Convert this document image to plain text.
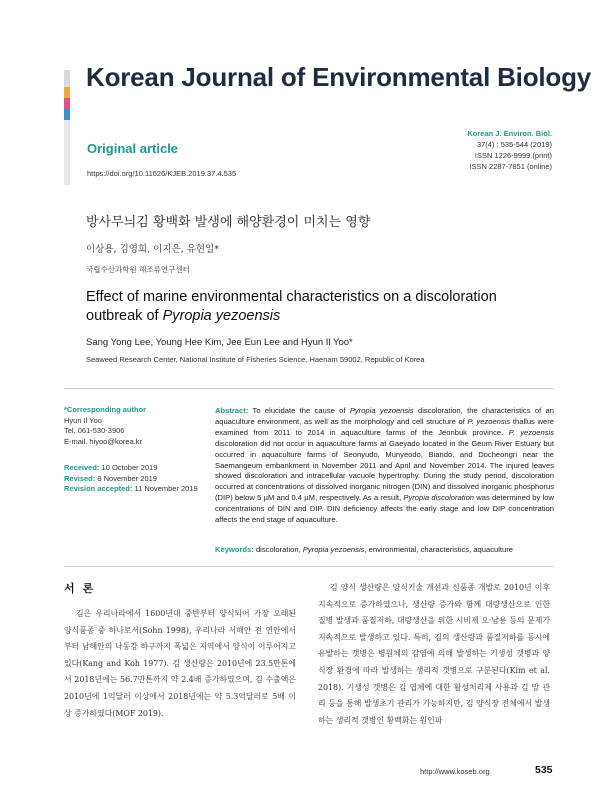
Korean Journal of Environmental Biology
Original article
https://doi.org/10.11626/KJEB.2019.37.4.535
Korean J. Environ. Biol.
37(4) : 535-544 (2019)
ISSN 1226-9999 (print)
ISSN 2287-7851 (online)
방사무늬김 황백화 발생에 해양환경이 미치는 영향
이상용, 김영희, 이지은, 유현일*
국립수산과학원 해조류연구센터
Effect of marine environmental characteristics on a discoloration outbreak of Pyropia yezoensis
Sang Yong Lee, Young Hee Kim, Jee Eun Lee and Hyun Il Yoo*
Seaweed Research Center, National Institute of Fisheries Science, Haenam 59002, Republic of Korea
*Corresponding author
Hyun Il Yoo
Tel. 061-530-3906
E-mail. hiyoo@korea.kr
Received: 10 October 2019
Revised: 8 November 2019
Revision accepted: 11 November 2019
Abstract: To elucidate the cause of Pyropia yezoensis discoloration, the characteristics of an aquaculture environment, as well as the morphology and cell structure of P. yezoensis thallus were examined from 2011 to 2014 in aquaculture farms of the Jeonbuk province. P. yezoensis discoloration did not occur in aquaculture farms at Gaeyado located in the Geum River Estuary but occurred in aquaculture farms of Seonyudo, Munyeodo, Biando, and Docheongri near the Saemangeum embankment in November 2011 and April and November 2014. The injured leaves showed discoloration and intracellular vacuole hypertrophy. During the study period, discoloration occurred at concentrations of dissolved inorganic nitrogen (DIN) and dissolved inorganic phosphorus (DIP) below 5 µM and 0.4 µM, respectively. As a result, Pyropia discoloration was determined by low concentrations of DIN and DIP. DIN deficiency affects the early stage and low DIP concentration affects the end stage of aquaculture.
Keywords: discoloration, Pyropia yezoensis, environmental, characteristics, aquaculture
서론
김은 우리나라에서 1600년대 중반부터 양식되어 가장 오래된 양식품종 중 하나로서(Sohn 1998), 우리나라 서해안 전 연안에서부터 남해안의 낙동강 하구까지 폭넓은 지역에서 양식이 이루어지고 있다(Kang and Koh 1977). 김 생산량은 2010년에 23.5만톤에서 2018년에는 56.7만톤까지 약 2.4배 증가하였으며, 김 수출액은 2010년에 1억달러 이상에서 2018년에는 약 5.3억달러로 5배 이상 증가하였다(MOF 2019).
김 양식 생산량은 양식기술 개선과 신품종 개발로 2010년 이후 지속적으로 증가하였으나, 생산량 증가와 함께 대량생산으로 인한 질병 발생과 품질저하, 대량생산을 위한 시비제 오·남용 등의 문제가 지속적으로 발생하고 있다. 특히, 김의 생산량과 품질저하를 동시에 유발하는 갯병은 병원체의 감염에 의해 발생하는 기생성 갯병과 양식장 환경에 따라 발생하는 생리적 갯병으로 구분된다(Kim et al. 2018). 기생성 갯병은 김 엽체에 대한 활성처리제 사용과 김 망 관리 등을 통해 발생초기 관리가 가능하지만, 김 양식장 전체에서 발생하는 생리적 갯병인 황백화는 원인파
http://www.koseb.org	535
